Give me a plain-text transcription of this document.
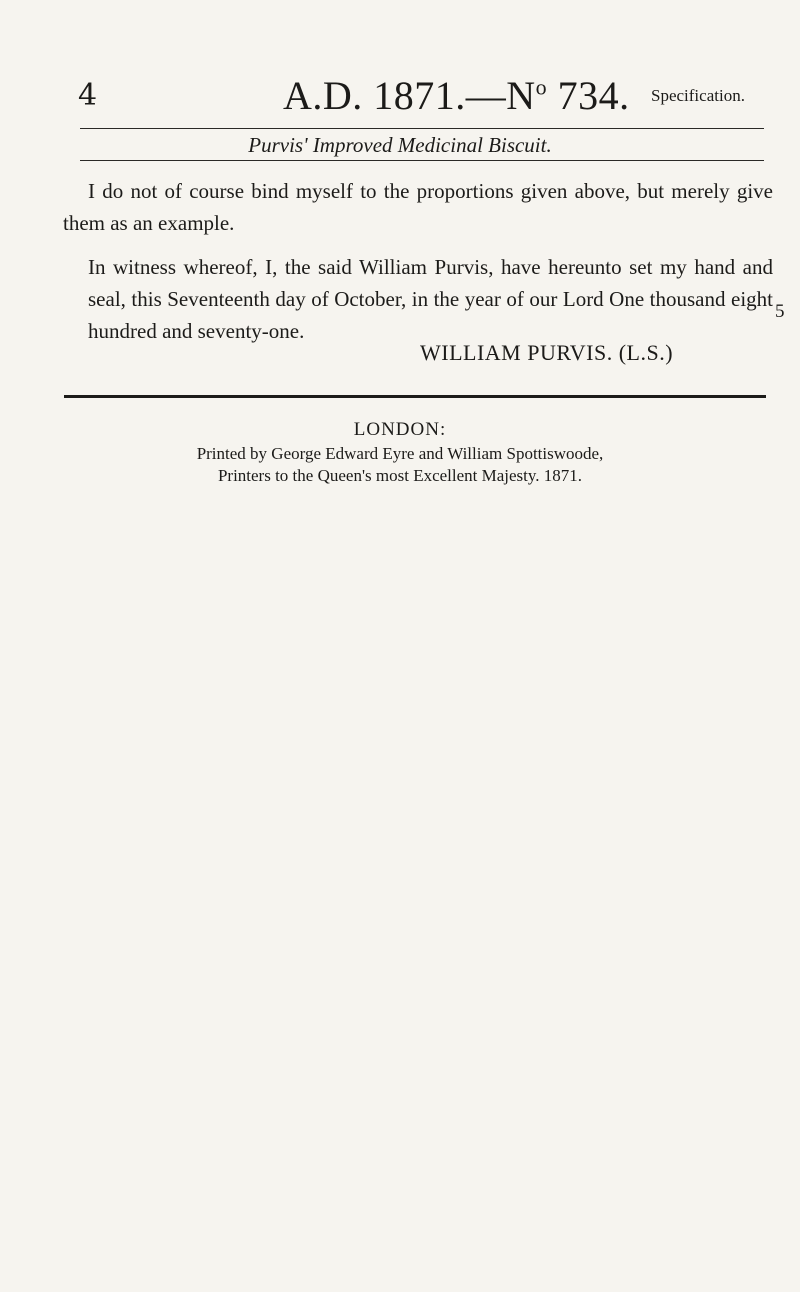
4	A.D. $1871.—N^o$ 734. Specification.
Purvis' Improved Medicinal Biscuit.

I do not of course bind myself to the proportions given above, but merely give them as an example.

In witness whereof, I, the said William Purvis, have hereunto set my hand and seal, this Seventeenth day of October, in the year of our Lord One thousand eight hundred and seventy-one.

5
WILLIAM PURVIS. (L.S.)
LONDON:
Printed by George Edward Eyre and William Spottiswoode,
Printers to the Queen's most Excellent Majesty. 1871.
